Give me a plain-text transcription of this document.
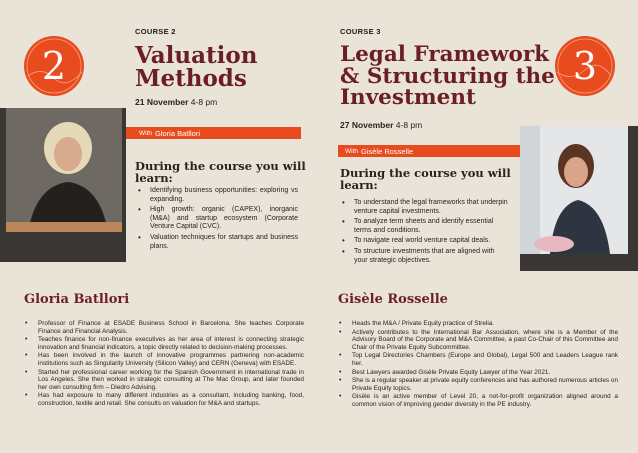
2
COURSE 2
Valuation
Methods
21 November 4-8 pm
With Gloria Batllori
During the course you will
learn:
• Identifying business opportunities: exploring vs expanding.
• High growth: organic (CAPEX), inorganic (M&A) and startup ecosystem (Corporate Venture Capital (CVC).
• Valuation techniques for startups and business plans.
COURSE 3
Legal Framework
& Structuring the
Investment
27 November 4-8 pm
3
With Gisèle Rosselle
During the course you will
learn:
• To understand the legal frameworks that underpin venture capital investments.
• To analyze term sheets and identify essential terms and conditions.
• To navigate real world venture capital deals.
• To structure investments that are aligned with your strategic objectives.
Gloria Batllori
• Professor of Finance at ESADE Business School in Barcelona. She teaches Corporate Finance and Financial Analysis.
• Teaches finance for non-finance executives as her area of interest is connecting strategic innovation and financial indicators, a topic directly related to decision-making processes.
• Has been involved in the launch of innovative programmes partnering non-academic institutions such as Singularity University (Silicon Valley) and CERN (Geneva) with ESADE.
• Started her professional career working for the Spanish Government in international trade in Los Angeles. She then worked in strategic consulting at The Mac Group, and later founded her own consulting firm – Diedro Advising.
• Has had exposure to many different industries as a consultant, including banking, food, construction, textile and retail. She consults on valuation for M&A and startups.
Gisèle Rosselle
• Heads the M&A / Private Equity practice of Strelia.
• Actively contributes to the International Bar Association, where she is a Member of the Advisory Board of the Corporate and M&A Committee, a past Co-Chair of this Committee and Chair of the Private Equity Subcommittee.
• Top Legal Directories Chambers (Europe and Global), Legal 500 and Leaders League rank her.
• Best Lawyers awarded Gisèle Private Equity Lawyer of the Year 2021.
• She is a regular speaker at private equity conferences and has authored numerous articles on Private Equity topics.
• Gisèle is an active member of Level 20, a not-for-profit organization aligned around a common vision of improving gender diversity in the PE industry.
